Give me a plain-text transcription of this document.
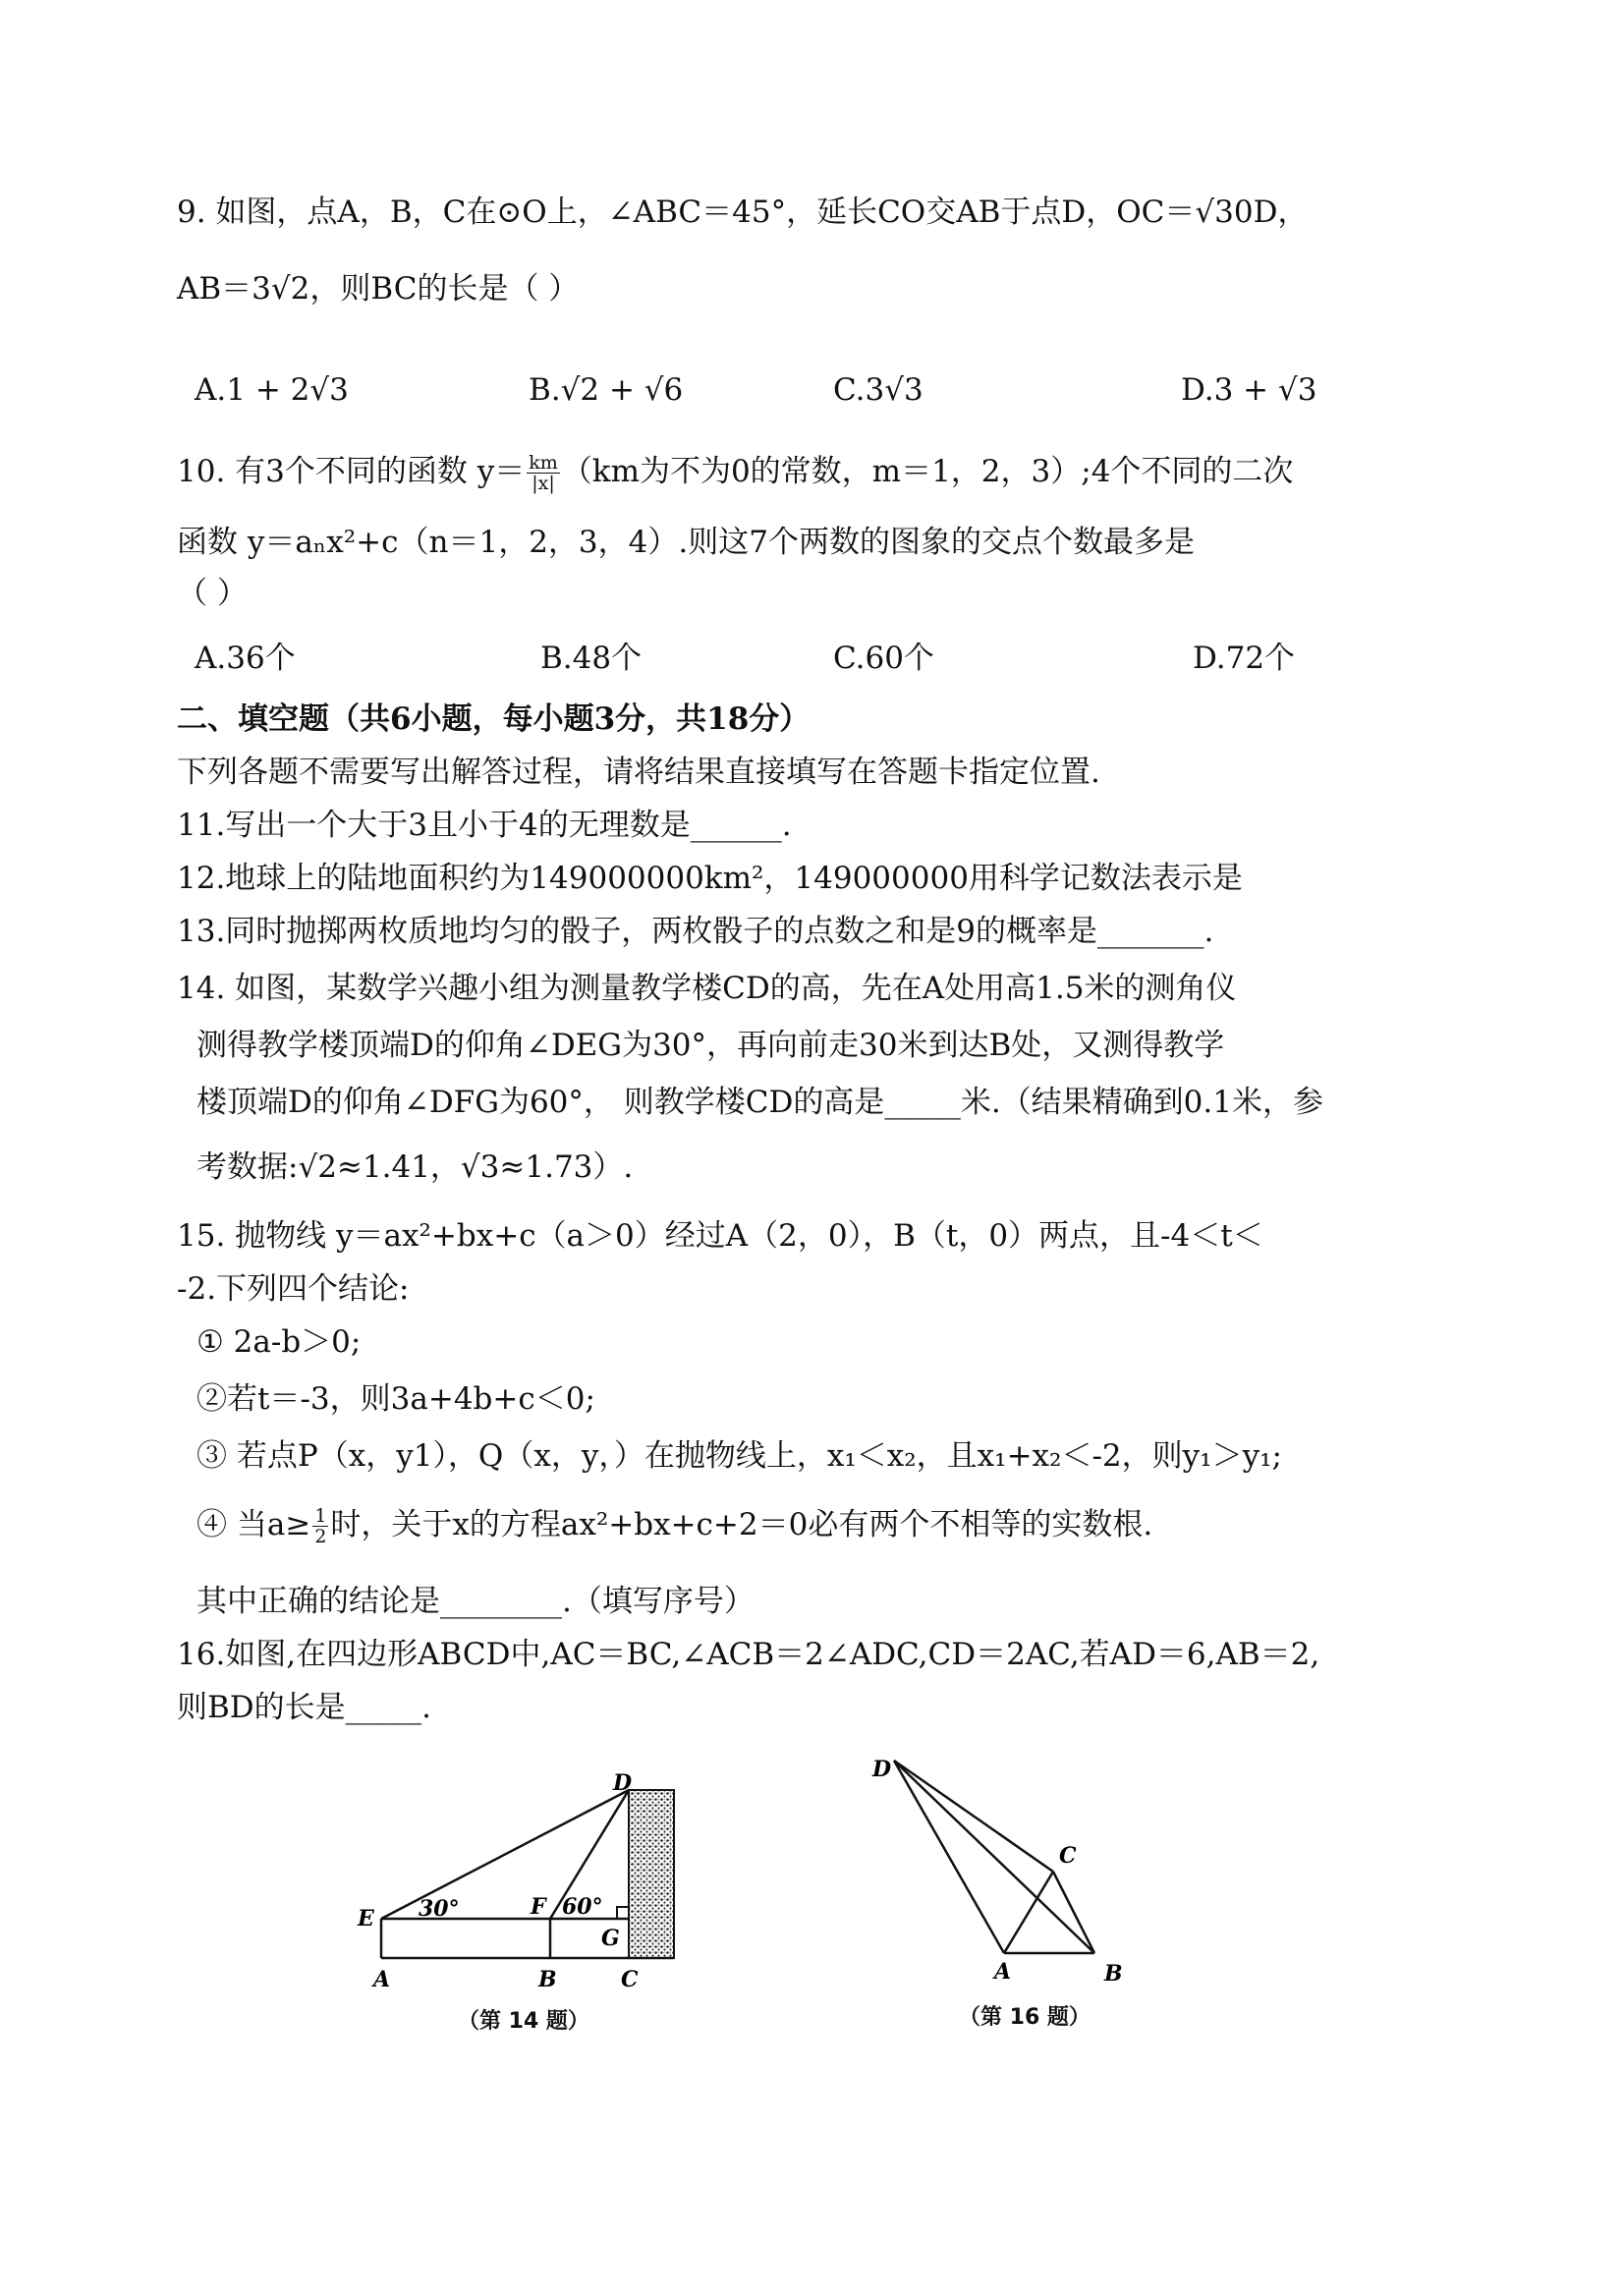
9. 如图，点A，B，C在⊙O上，∠ABC＝45°，延长CO交AB于点D，OC＝√30D，
AB＝3√2，则BC的长是（ ）
A.1 + 2√3	B.√2 + √6	C.3√3	D.3 + √3
10. 有3个不同的函数 $y= \frac{km}{|x|} (km$为不为0的常数，m＝1，2，3）;4个不同的二次
函数 y＝aₙx²+c（n＝1，2，3，4）.则这7个两数的图象的交点个数最多是
（ ）
A.36个	B.48个	C.60个	D.72个
二、填空题（共6小题，每小题3分，共18分）
下列各题不需要写出解答过程，请将结果直接填写在答题卡指定位置.
11.写出一个大于3且小于4的无理数是______.
12.地球上的陆地面积约为149000000km²，149000000用科学记数法表示是
13.同时抛掷两枚质地均匀的骰子，两枚骰子的点数之和是9的概率是_______.
14. 如图，某数学兴趣小组为测量教学楼CD的高，先在A处用高1.5米的测角仪
测得教学楼顶端D的仰角∠DEG为30°，再向前走30米到达B处，又测得教学
楼顶端D的仰角∠DFG为60°， 则教学楼CD的高是_____米.（结果精确到0.1米，参
考数据:√2≈1.41，√3≈1.73）.
15. 抛物线 y＝ax²+bx+c（a＞0）经过A（2，0），B（t，0）两点，且-4＜t＜
-2.下列四个结论:
① 2a-b＞0;
②若t＝-3，则3a+4b+c＜0;
③ 若点P（x，y1），Q（x，y，）在抛物线上，x₁＜x₂，且x₁+x₂＜-2，则y₁＞y₁;
④ 当$a\ge \frac{1}{2}$ 时，关于x的方程ax²+bx+c+2＝0必有两个不相等的实数根.
其中正确的结论是________.（填写序号）
16.如图,在四边形ABCD中,AC＝BC,∠ACB＝2∠ADC,CD＝2AC,若AD＝6,AB＝2,
则BD的长是_____.
D
E	F
G
A	B	C
30°	60°
（第 14 题）
D
C
A	B
（第 16 题）
